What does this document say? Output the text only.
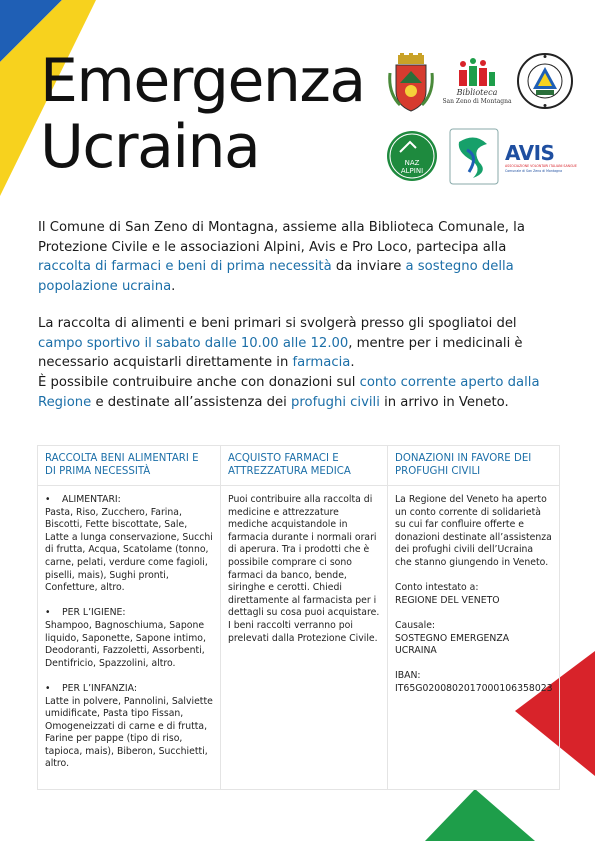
Emergenza
Ucraina
Biblioteca
San Zeno di Montagna
NAZ
ALPINI
AVIS
ASSOCIAZIONE VOLONTARI ITALIANI SANGUE
Comunale di San Zeno di Montagna
Il Comune di San Zeno di Montagna, assieme alla Biblioteca Comunale, la Protezione Civile e le associazioni Alpini, Avis e Pro Loco, partecipa alla raccolta di farmaci e beni di prima necessità da inviare a sostegno della popolazione ucraina.
La raccolta di alimenti e beni primari si svolgerà presso gli spogliatoi del campo sportivo il sabato dalle 10.00 alle 12.00, mentre per i medicinali è necessario acquistarli direttamente in farmacia.
È possibile contruibuire anche con donazioni sul conto corrente aperto dalla Regione e destinate all’assistenza dei profughi civili in arrivo in Veneto.
RACCOLTA BENI ALIMENTARI E DI PRIMA NECESSITÀ

• ALIMENTARI:
Pasta, Riso, Zucchero, Farina, Biscotti, Fette biscottate, Sale, Latte a lunga conservazione, Succhi di frutta, Acqua, Scatolame (tonno, carne, pelati, verdure come fagioli, piselli, mais), Sughi pronti, Confetture, altro.

• PER L’IGIENE:
Shampoo, Bagnoschiuma, Sapone liquido, Saponette, Sapone intimo, Deodoranti, Fazzoletti, Assorbenti, Dentifricio, Spazzolini, altro.

• PER L’INFANZIA:
Latte in polvere, Pannolini, Salviette umidificate, Pasta tipo Fissan, Omogeneizzati di carne e di frutta, Farine per pappe (tipo di riso, tapioca, mais), Biberon, Succhietti, altro.

ACQUISTO FARMACI E ATTREZZATURA MEDICA

Puoi contribuire alla raccolta di medicine e attrezzature mediche acquistandole in farmacia durante i normali orari di aperura. Tra i prodotti che è possibile comprare ci sono farmaci da banco, bende, siringhe e cerotti. Chiedi direttamente al farmacista per i dettagli su cosa puoi acquistare. I beni raccolti verranno poi prelevati dalla Protezione Civile.

DONAZIONI IN FAVORE DEI PROFUGHI CIVILI

La Regione del Veneto ha aperto un conto corrente di solidarietà su cui far confluire offerte e donazioni destinate all’assistenza dei profughi civili dell’Ucraina che stanno giungendo in Veneto.

Conto intestato a:
REGIONE DEL VENETO

Causale:
SOSTEGNO EMERGENZA UCRAINA

IBAN:
IT65G0200802017000106358023
